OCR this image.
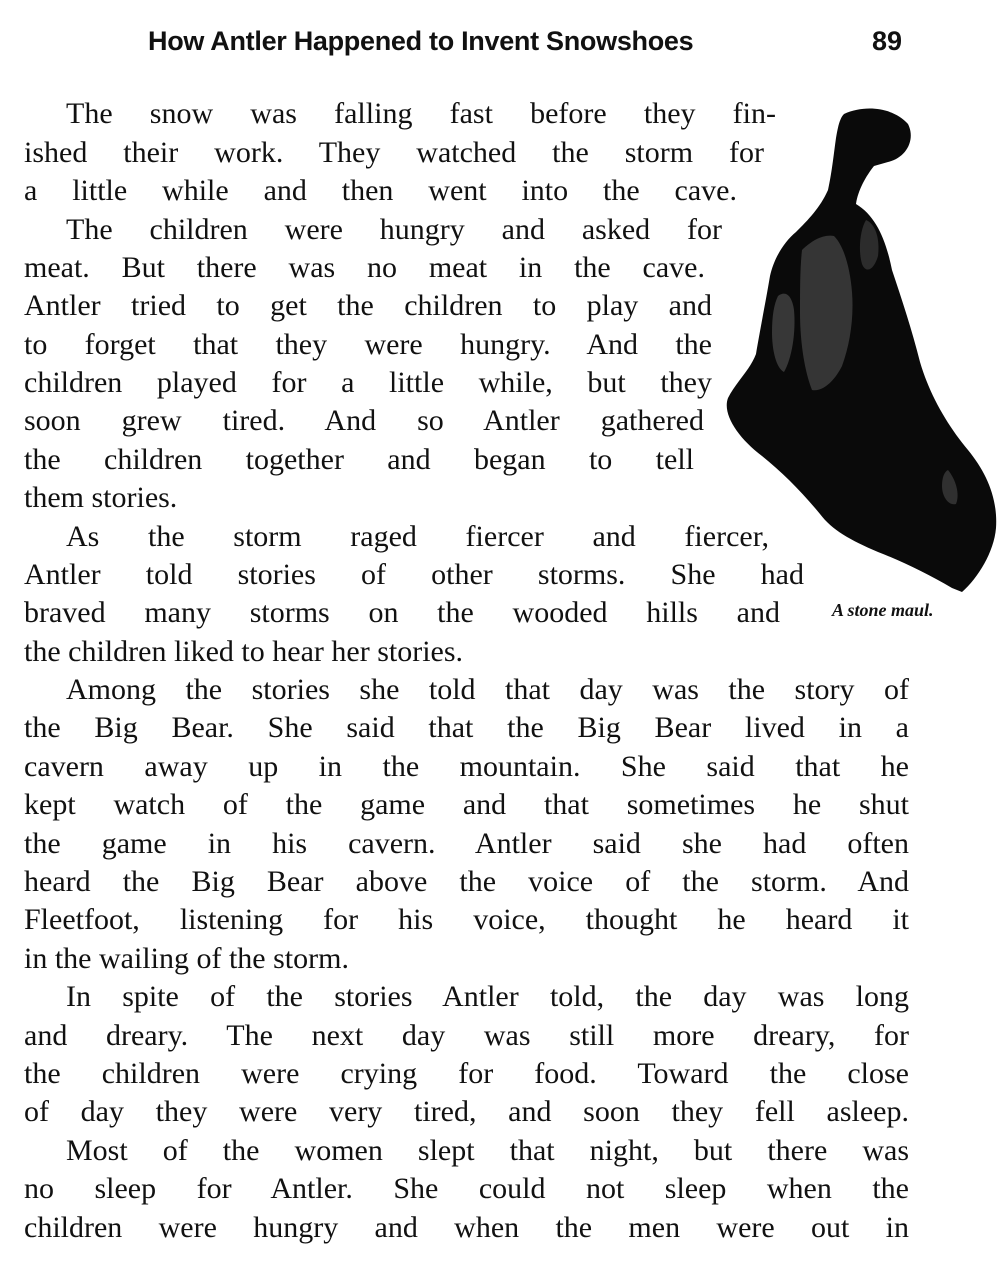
How Antler Happened to Invent Snowshoes	89
The snow was falling fast before they fin-
ished their work. They watched the storm for
a little while and then went into the cave.
The children were hungry and asked for
meat. But there was no meat in the cave.
Antler tried to get the children to play and
to forget that they were hungry. And the
children played for a little while, but they
soon grew tired. And so Antler gathered
the children together and began to tell
them stories.
As the storm raged fiercer and fiercer,
Antler told stories of other storms. She had
braved many storms on the wooded hills and
the children liked to hear her stories.
Among the stories she told that day was the story of
the Big Bear. She said that the Big Bear lived in a
cavern away up in the mountain. She said that he
kept watch of the game and that sometimes he shut
the game in his cavern. Antler said she had often
heard the Big Bear above the voice of the storm. And
Fleetfoot, listening for his voice, thought he heard it
in the wailing of the storm.
In spite of the stories Antler told, the day was long
and dreary. The next day was still more dreary, for
the children were crying for food. Toward the close
of day they were very tired, and soon they fell asleep.
Most of the women slept that night, but there was
no sleep for Antler. She could not sleep when the
children were hungry and when the men were out in
A stone maul.
